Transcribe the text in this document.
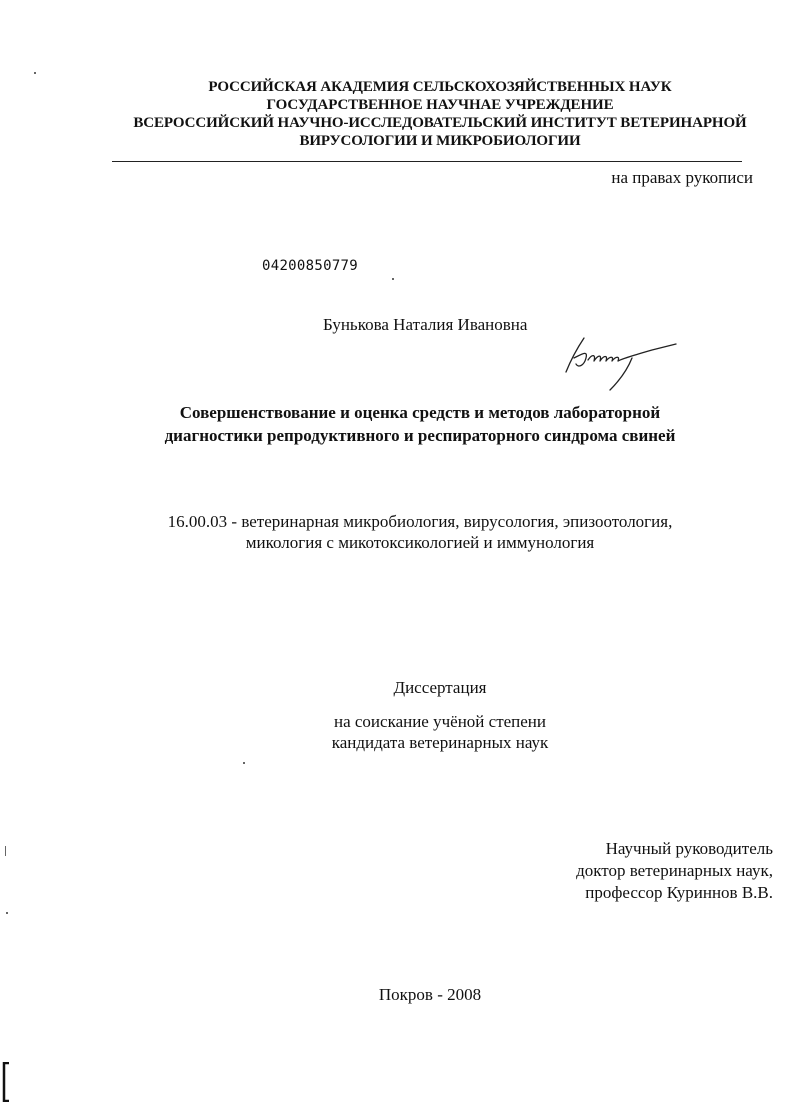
РОССИЙСКАЯ АКАДЕМИЯ СЕЛЬСКОХОЗЯЙСТВЕННЫХ НАУК
ГОСУДАРСТВЕННОЕ НАУЧНАЕ УЧРЕЖДЕНИЕ
ВСЕРОССИЙСКИЙ НАУЧНО-ИССЛЕДОВАТЕЛЬСКИЙ ИНСТИТУТ ВЕТЕРИНАРНОЙ
ВИРУСОЛОГИИ И МИКРОБИОЛОГИИ
на правах рукописи
04200850779
Бунькова Наталия Ивановна
Совершенствование и оценка средств и методов лабораторной
диагностики репродуктивного и респираторного синдрома свиней
16.00.03 - ветеринарная микробиология, вирусология, эпизоотология,
микология с микотоксикологией и иммунология
Диссертация
на соискание учёной степени
кандидата ветеринарных наук
Научный руководитель
доктор ветеринарных наук,
профессор Куриннов В.В.
Покров - 2008
